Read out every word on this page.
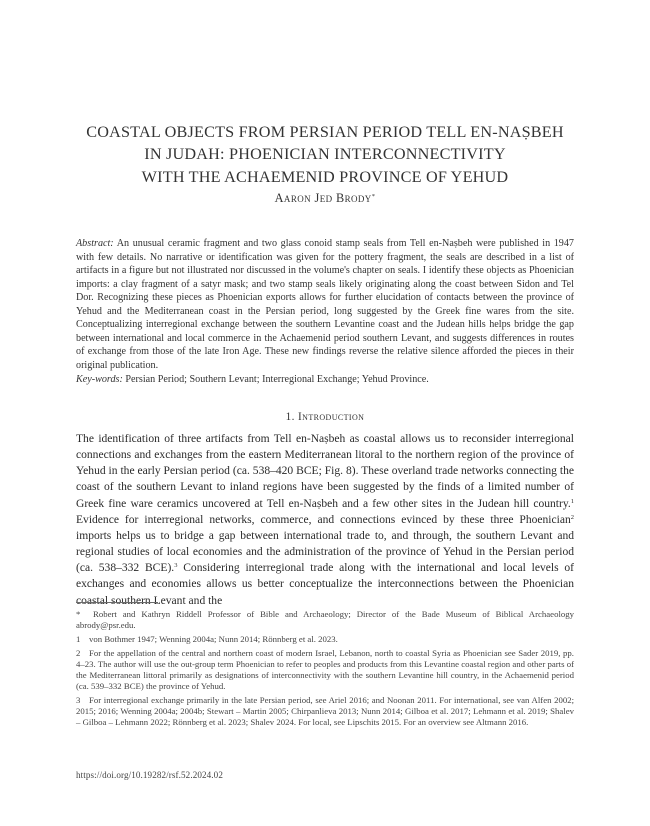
COASTAL OBJECTS FROM PERSIAN PERIOD TELL EN-NAṢBEH
IN JUDAH: PHOENICIAN INTERCONNECTIVITY
WITH THE ACHAEMENID PROVINCE OF YEHUD
Aaron Jed Brody*
Abstract: An unusual ceramic fragment and two glass conoid stamp seals from Tell en-Naṣbeh were published in 1947 with few details. No narrative or identification was given for the pottery fragment, the seals are described in a list of artifacts in a figure but not illustrated nor discussed in the volume's chapter on seals. I identify these objects as Phoenician imports: a clay fragment of a satyr mask; and two stamp seals likely originating along the coast between Sidon and Tel Dor. Recognizing these pieces as Phoenician exports allows for further elucidation of contacts between the province of Yehud and the Mediterranean coast in the Persian period, long suggested by the Greek fine wares from the site. Conceptualizing interregional exchange between the southern Levantine coast and the Judean hills helps bridge the gap between international and local commerce in the Achaemenid period southern Levant, and suggests differences in routes of exchange from those of the late Iron Age. These new findings reverse the relative silence afforded the pieces in their original publication.
Key-words: Persian Period; Southern Levant; Interregional Exchange; Yehud Province.
1. Introduction
The identification of three artifacts from Tell en-Naṣbeh as coastal allows us to reconsider interregional connections and exchanges from the eastern Mediterranean litoral to the northern region of the province of Yehud in the early Persian period (ca. 538–420 BCE; Fig. 8). These overland trade networks connecting the coast of the southern Levant to inland regions have been suggested by the finds of a limited number of Greek fine ware ceramics uncovered at Tell en-Naṣbeh and a few other sites in the Judean hill country.$^1$ Evidence for interregional networks, commerce, and connections evinced by these three Phoenician$^2$ imports helps us to bridge a gap between international trade to, and through, the southern Levant and regional studies of local economies and the administration of the province of Yehud in the Persian period (ca. 538–332 BCE).$^3$ Considering interregional trade along with the international and local levels of exchanges and economies allows us better conceptualize the interconnections between the Phoenician coastal southern Levant and the
* Robert and Kathryn Riddell Professor of Bible and Archaeology; Director of the Bade Museum of Biblical Archaeology abrody@psr.edu.
1 von Bothmer 1947; Wenning 2004a; Nunn 2014; Rönnberg et al. 2023.
2 For the appellation of the central and northern coast of modern Israel, Lebanon, north to coastal Syria as Phoenician see Sader 2019, pp. 4–23. The author will use the out-group term Phoenician to refer to peoples and products from this Levantine coastal region and other parts of the Mediterranean littoral primarily as designations of interconnectivity with the southern Levantine hill country, in the Achaemenid period (ca. 539–332 BCE) the province of Yehud.
3 For interregional exchange primarily in the late Persian period, see Ariel 2016; and Noonan 2011. For international, see van Alfen 2002; 2015; 2016; Wenning 2004a; 2004b; Stewart – Martin 2005; Chirpanlieva 2013; Nunn 2014; Gilboa et al. 2017; Lehmann et al. 2019; Shalev – Gilboa – Lehmann 2022; Rönnberg et al. 2023; Shalev 2024. For local, see Lipschits 2015. For an overview see Altmann 2016.
https://doi.org/10.19282/rsf.52.2024.02
